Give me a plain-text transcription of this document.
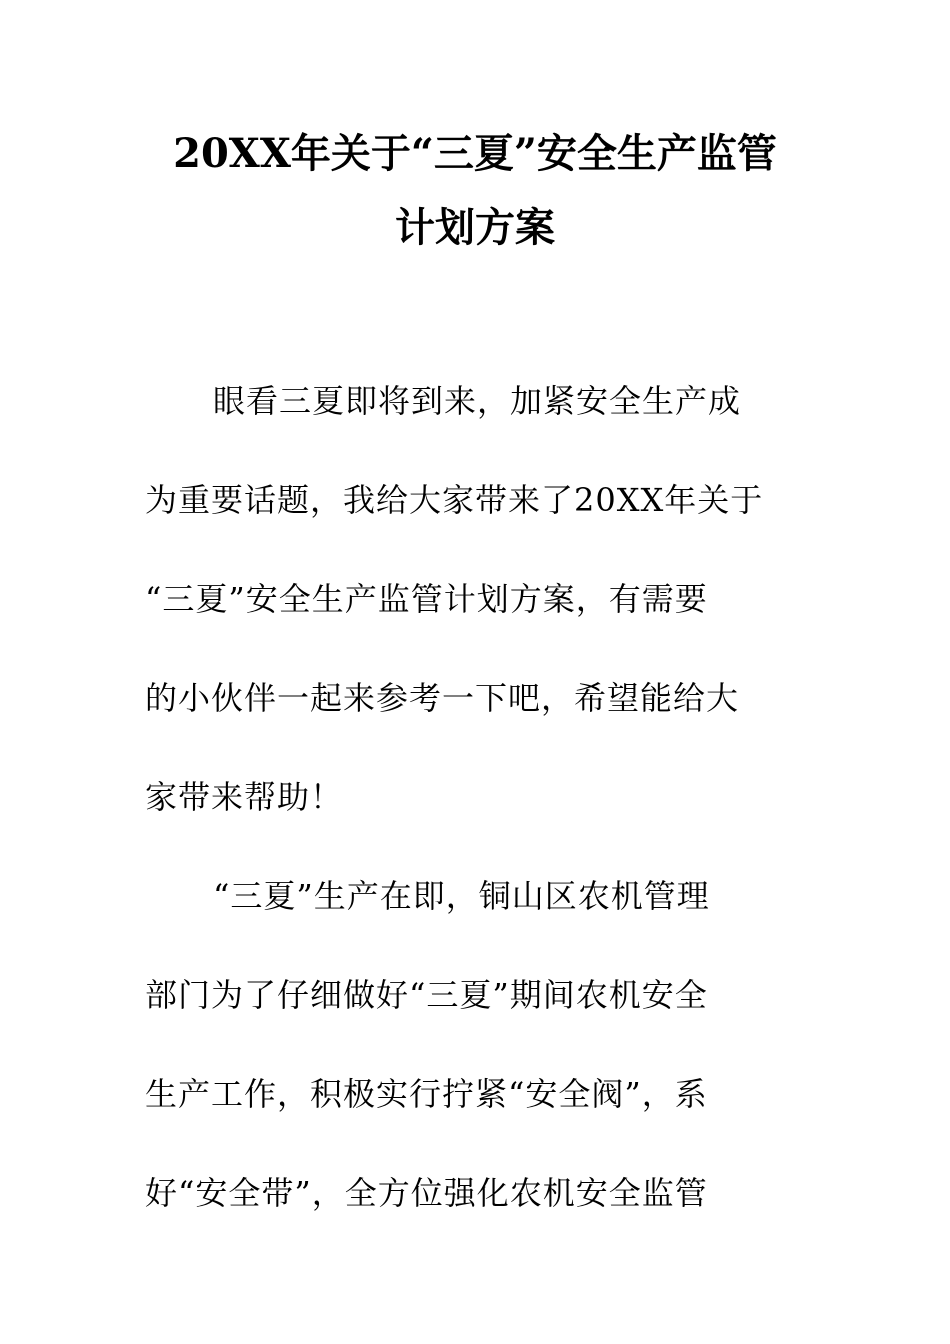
20XX年关于“三夏”安全生产监管
计划方案
眼看三夏即将到来，加紧安全生产成
为重要话题，我给大家带来了20XX年关于
“三夏”安全生产监管计划方案，有需要
的小伙伴一起来参考一下吧，希望能给大
家带来帮助！
“三夏”生产在即，铜山区农机管理
部门为了仔细做好“三夏”期间农机安全
生产工作，积极实行拧紧“安全阀”，系
好“安全带”，全方位强化农机安全监管
